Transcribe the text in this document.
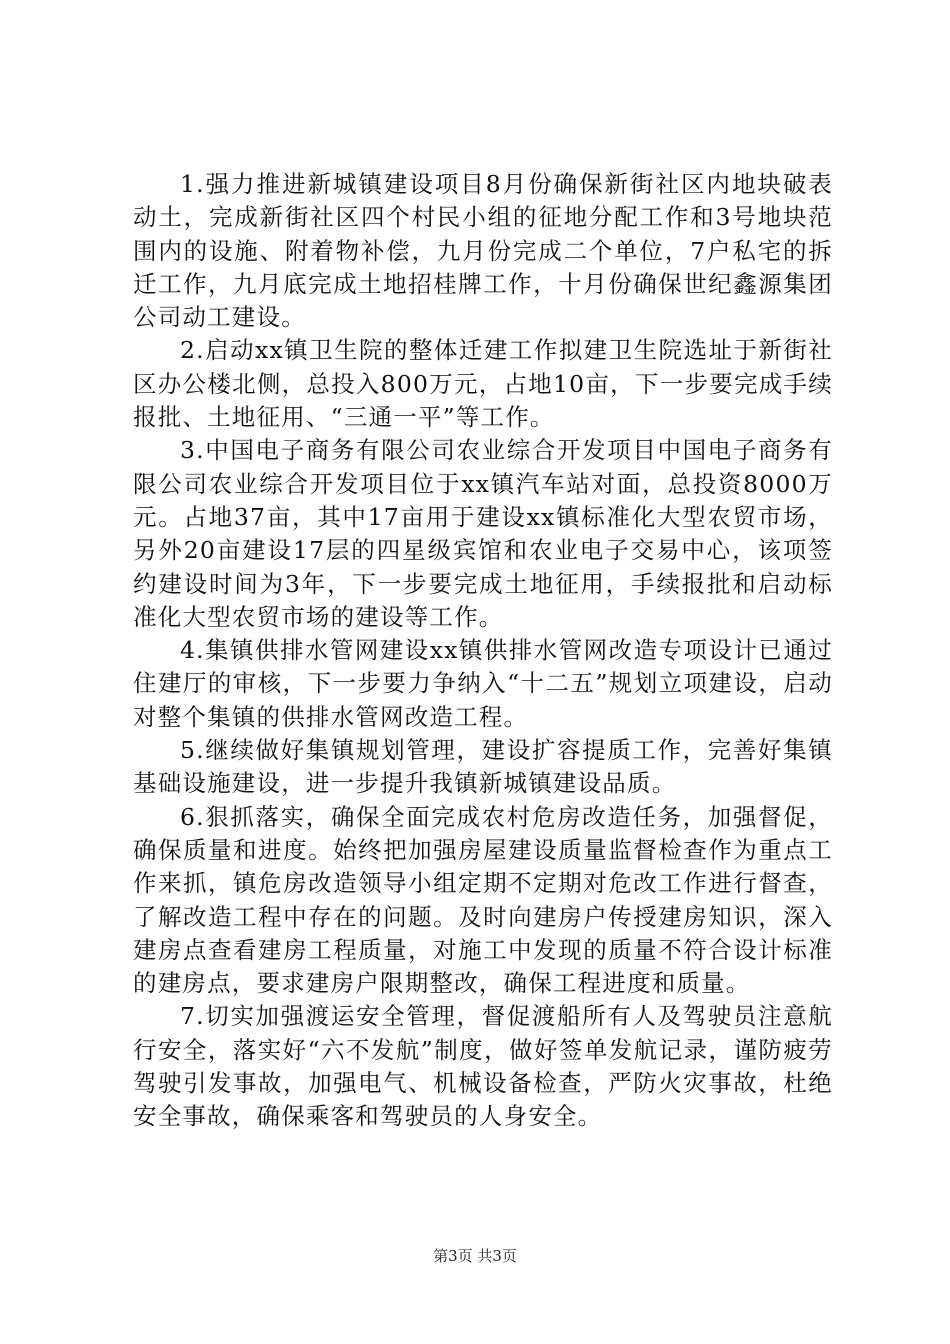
1.强力推进新城镇建设项目8月份确保新街社区内地块破表动土，完成新街社区四个村民小组的征地分配工作和3号地块范围内的设施、附着物补偿，九月份完成二个单位，7户私宅的拆迁工作，九月底完成土地招桂牌工作，十月份确保世纪鑫源集团公司动工建设。

2.启动xx镇卫生院的整体迁建工作拟建卫生院选址于新街社区办公楼北侧，总投入800万元，占地10亩，下一步要完成手续报批、土地征用、“三通一平”等工作。

3.中国电子商务有限公司农业综合开发项目中国电子商务有限公司农业综合开发项目位于xx镇汽车站对面，总投资8000万元。占地37亩，其中17亩用于建设xx镇标准化大型农贸市场，另外20亩建设17层的四星级宾馆和农业电子交易中心，该项签约建设时间为3年，下一步要完成土地征用，手续报批和启动标准化大型农贸市场的建设等工作。

4.集镇供排水管网建设xx镇供排水管网改造专项设计已通过住建厅的审核，下一步要力争纳入“十二五”规划立项建设，启动对整个集镇的供排水管网改造工程。

5.继续做好集镇规划管理，建设扩容提质工作，完善好集镇基础设施建设，进一步提升我镇新城镇建设品质。

6.狠抓落实，确保全面完成农村危房改造任务，加强督促，确保质量和进度。始终把加强房屋建设质量监督检查作为重点工作来抓，镇危房改造领导小组定期不定期对危改工作进行督查，了解改造工程中存在的问题。及时向建房户传授建房知识，深入建房点查看建房工程质量，对施工中发现的质量不符合设计标准的建房点，要求建房户限期整改，确保工程进度和质量。

7.切实加强渡运安全管理，督促渡船所有人及驾驶员注意航行安全，落实好“六不发航”制度，做好签单发航记录，谨防疲劳驾驶引发事故，加强电气、机械设备检查，严防火灾事故，杜绝安全事故，确保乘客和驾驶员的人身安全。

第3页 共3页
